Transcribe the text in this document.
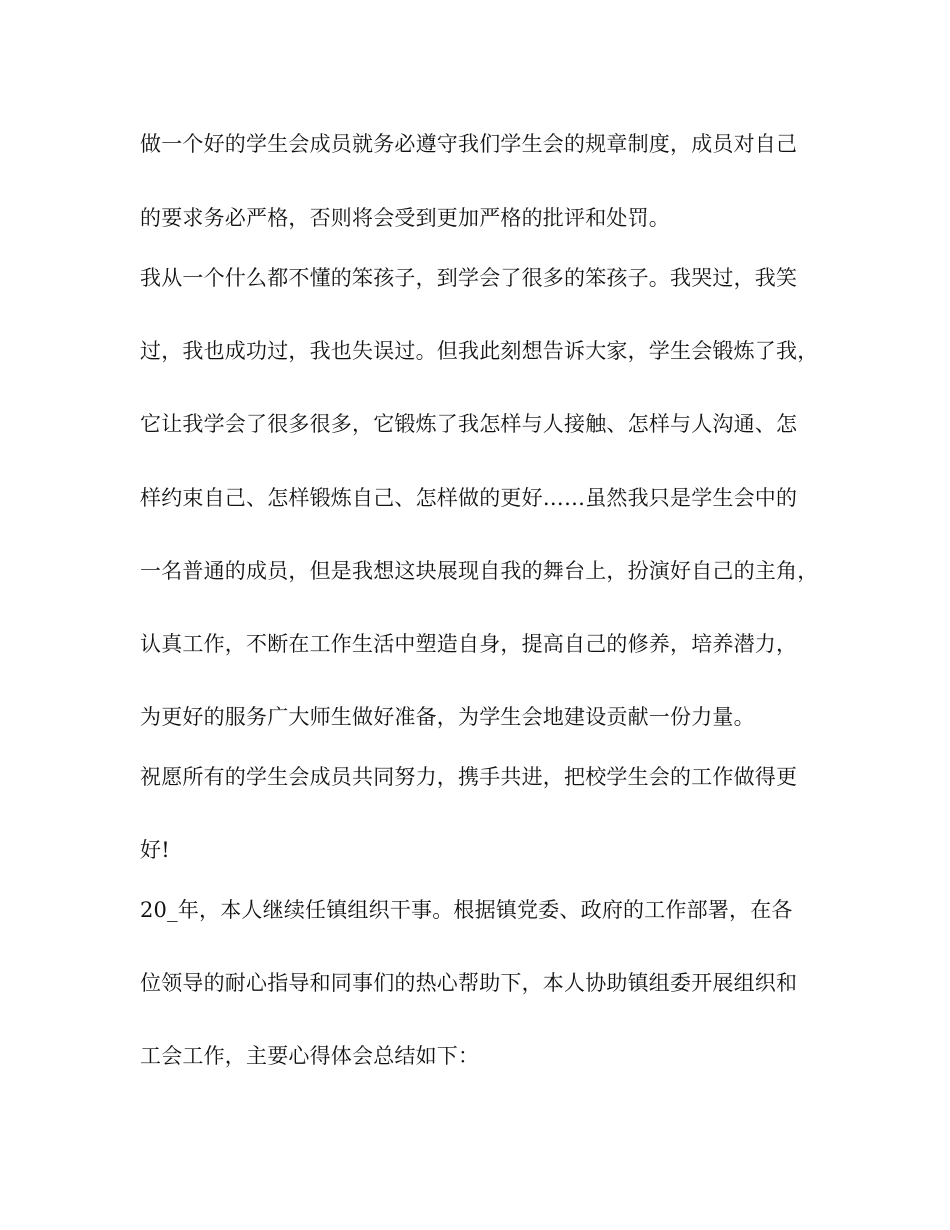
做一个好的学生会成员就务必遵守我们学生会的规章制度，成员对自己
的要求务必严格，否则将会受到更加严格的批评和处罚。
我从一个什么都不懂的笨孩子，到学会了很多的笨孩子。我哭过，我笑
过，我也成功过，我也失误过。但我此刻想告诉大家，学生会锻炼了我，
它让我学会了很多很多，它锻炼了我怎样与人接触、怎样与人沟通、怎
样约束自己、怎样锻炼自己、怎样做的更好……虽然我只是学生会中的
一名普通的成员，但是我想这块展现自我的舞台上，扮演好自己的主角，
认真工作，不断在工作生活中塑造自身，提高自己的修养，培养潜力，
为更好的服务广大师生做好准备，为学生会地建设贡献一份力量。
祝愿所有的学生会成员共同努力，携手共进，把校学生会的工作做得更
好!
20_年，本人继续任镇组织干事。根据镇党委、政府的工作部署，在各
位领导的耐心指导和同事们的热心帮助下，本人协助镇组委开展组织和
工会工作，主要心得体会总结如下：
